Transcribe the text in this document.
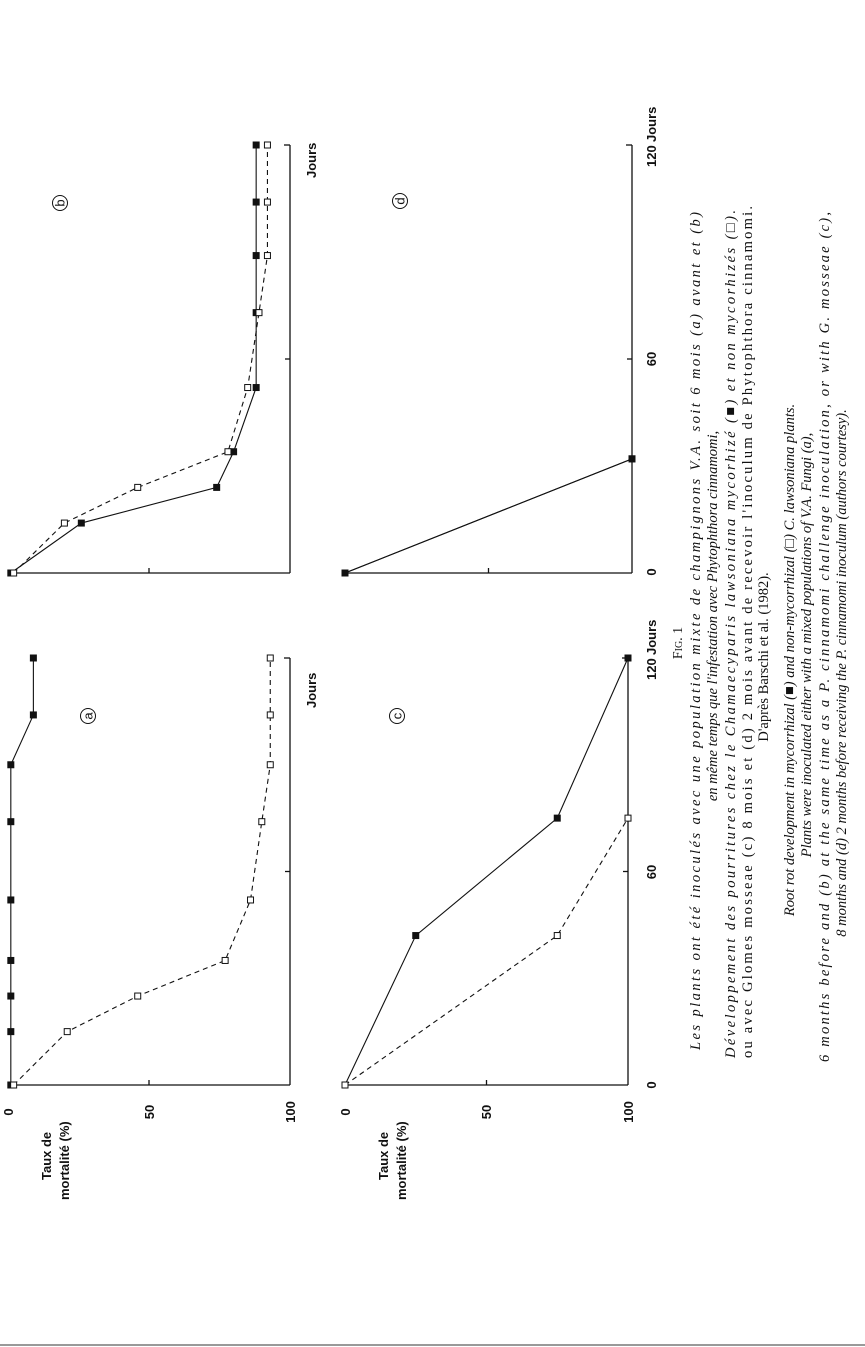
0	50	100
Taux de mortalité (%)
Jours
a
Jours
b
0	50	100
Taux de mortalité (%)
0
60
120
Jours
c
0
60
120
Jours
d
Fig. 1
Les plants ont été inoculés avec une population mixte de champignons V.A. soit 6 mois (a) avant et (b)
en même temps que l'infestation avec Phytophthora cinnamomi,
Développement des pourritures chez le Chamaecyparis lawsoniana mycorhizé (■) et non mycorhizés (□).
ou avec Glomes mosseae (c) 8 mois et (d) 2 mois avant de recevoir l'inoculum de Phytophthora cinnamomi.
D'après Barschi et al. (1982). Root rot development in mycorrhizal (■) and non-mycorrhizal (□) C. lawsoniana plants. Plants were inoculated either with a mixed populations of V.A. Fungi (a),
6 months before and (b) at the same time as a P. cinnamomi challenge inoculation, or with G. mosseae (c),
8 months and (d) 2 months before receiving the P. cinnamomi inoculum (authors courtesy).
